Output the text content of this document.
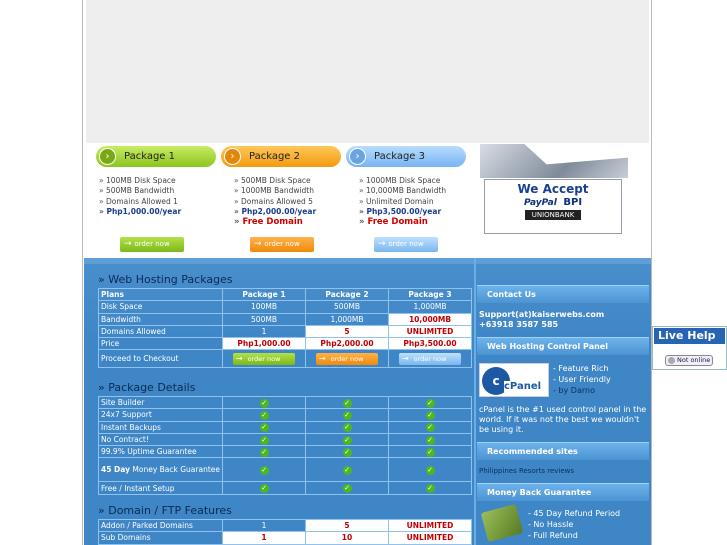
›	Package 1	›	Package 2	›	Package 3
» 100MB Disk Space
» 500MB Bandwidth
» Domains Allowed 1
» Php1,000.00/year
» 500MB Disk Space
» 1000MB Bandwidth
» Domains Allowed 5
» Php2,000.00/year
» Free Domain
» 1000MB Disk Space
» 10,000MB Bandwidth
» Unlimited Domain
» Php3,500.00/year
» Free Domain
→ order now	→ order now	→ order now
We Accept
PayPal BPI
UNIONBANK
» Web Hosting Packages
Plans	Package 1	Package 2	Package 3
Disk Space	100MB	500MB	1,000MB
Bandwidth	500MB	1,000MB	10,000MB
Domains Allowed	1	5	UNLIMITED
Price	Php1,000.00	Php2,000.00	Php3,500.00
Proceed to Checkout	→ order now	→ order now	→ order now
» Package Details
Site Builder	✓	✓	✓
24x7 Support	✓	✓	✓
Instant Backups	✓	✓	✓
No Contract!	✓	✓	✓
99.9% Uptime Guarantee	✓	✓	✓
45 Day Money Back Guarantee	✓	✓	✓
Free / Instant Setup	✓	✓	✓
» Domain / FTP Features
Addon / Parked Domains	1	5	UNLIMITED
Sub Domains	1	10	UNLIMITED
Contact Us
Support(at)kaiserwebs.com
+63918 3587 585
Web Hosting Control Panel
c cPanel
- Feature Rich
- User Friendly
- by Darno
cPanel is the #1 used control panel in the world. If it was not the best we wouldn't be using it.
Recommended sites
Philippines Resorts reviews
Money Back Guarantee
- 45 Day Refund Period
- No Hassle
- Full Refund
Live Help
Not online
